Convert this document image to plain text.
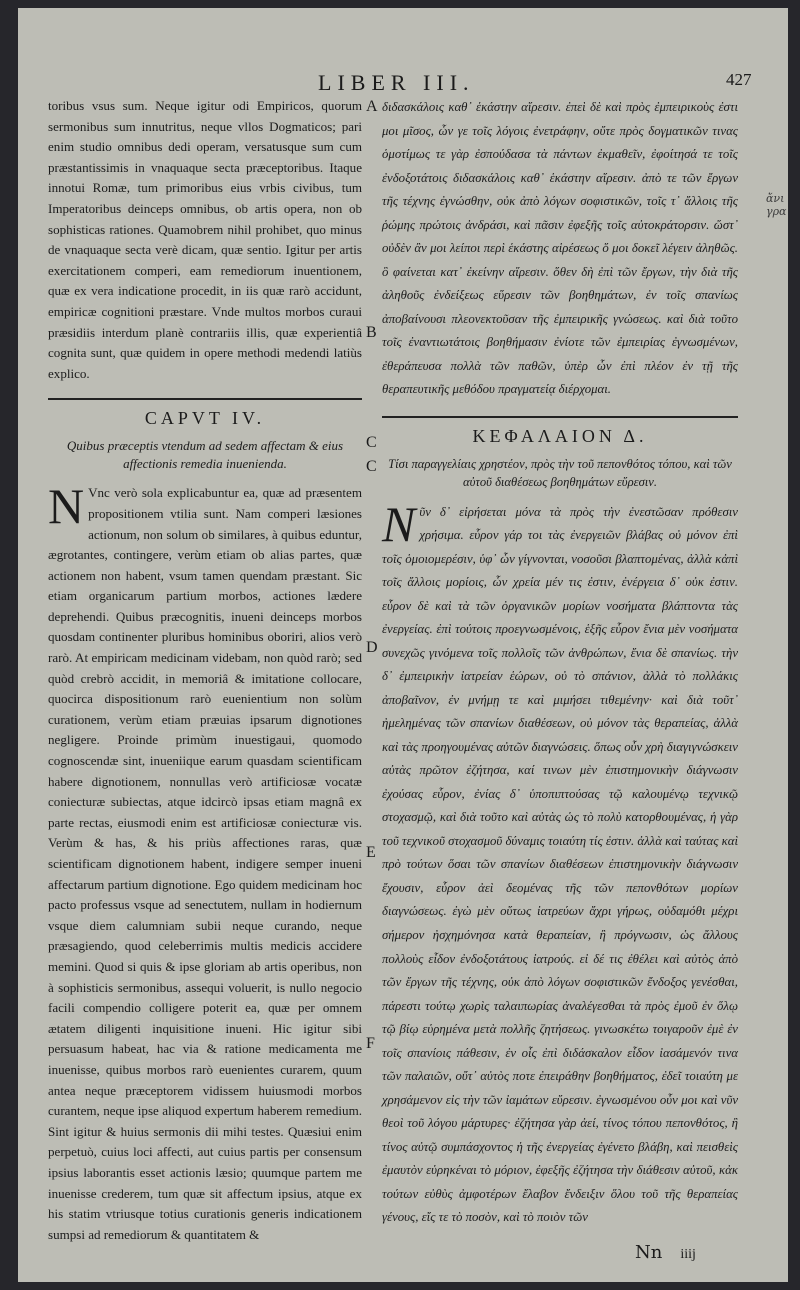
LIBER III.	427
ἄνι γρα

toribus vsus sum. Neque igitur odi Empiricos, quorum sermonibus sum innutritus, neque vllos Dogmaticos; pari enim studio omnibus dedi operam, versatusque sum cum præstantissimis in vnaquaque secta præceptoribus. Itaque innotui Romæ, tum primoribus eius vrbis civibus, tum Imperatoribus deinceps omnibus, ob artis opera, non ob sophisticas rationes. Quamobrem nihil prohibet, quo minus de vnaquaque secta verè dicam, quæ sentio. Igitur per artis exercitationem comperi, eam remediorum inuentionem, quæ ex vera indicatione procedit, in iis quæ rarò accidunt, empiricæ cognitioni præstare. Vnde multos morbos curaui præsidiis interdum planè contrariis illis, quæ experientiâ cognita sunt, quæ quidem in opere methodi medendi latiùs explico.

CAPVT IV.
Quibus præceptis vtendum ad sedem affectam & eius affectionis remedia inuenienda.

N Vnc verò sola explicabuntur ea, quæ ad præsentem propositionem vtilia sunt. Nam comperi læsiones actionum, non solum ob similares, à quibus eduntur, ægrotantes, contingere, verùm etiam ob alias partes, quæ actionem non habent, vsum tamen quendam præstant. Sic etiam organicarum partium morbos, actiones lædere deprehendi. Quibus præcognitis, inueni deinceps morbos quosdam continenter pluribus hominibus oboriri, alios verò rarò. At empiricam medicinam videbam, non quòd rarò; sed quòd crebrò accidit, in memoriâ & imitatione collocare, quocirca dispositionum rarò euenientium non solùm curationem, verùm etiam præuias ipsarum dignotiones negligere. Proinde primùm inuestigaui, quomodo cognoscendæ sint, inueniique earum quasdam scientificam habere dignotionem, nonnullas verò artificiosæ vocatæ coniecturæ subiectas, atque idcircò ipsas etiam magnâ ex parte rectas, eiusmodi enim est artificiosæ coniecturæ vis. Verùm & has, & his priùs affectiones raras, quæ scientificam dignotionem habent, indigere semper inueni affectarum partium dignotione. Ego quidem medicinam hoc pacto professus vsque ad senectutem, nullam in hodiernum vsque diem calumniam subii neque curando, neque præsagiendo, quod celeberrimis multis medicis accidere memini. Quod si quis & ipse gloriam ab artis operibus, non à sophisticis sermonibus, assequi voluerit, is nullo negocio facili compendio colligere poterit ea, quæ per omnem ætatem diligenti inquisitione inueni. Hic igitur sibi persuasum habeat, hac via & ratione medicamenta me inuenisse, quibus morbos rarò euenientes curarem, quum antea neque præceptorem vidissem huiusmodi morbos curantem, neque ipse aliquod expertum haberem remedium. Sint igitur & huius sermonis dii mihi testes. Quæsiui enim perpetuò, cuius loci affecti, aut cuius partis per consensum ipsius laborantis esset actionis læsio; quumque partem me inuenisse crederem, tum quæ sit affectum ipsius, atque ex his statim vtriusque totius curationis generis indicationem sumpsi ad remediorum & quantitatem &

διδασκάλοις καθ᾽ ἑκάστην αἵρεσιν. ἐπεὶ δὲ καὶ πρὸς ἐμπειρικοὺς ἐστι μοι μῖσος, ὧν γε τοῖς λόγοις ἐνετράφην, οὔτε πρὸς δογματικῶν τινας ὁμοτίμως τε γὰρ ἐσπούδασα τὰ πάντων ἐκμαθεῖν, ἐφοίτησά τε τοῖς ἐνδοξοτάτοις διδασκάλοις καθ᾽ ἑκάστην αἵρεσιν. ἀπὸ τε τῶν ἔργων τῆς τέχνης ἐγνώσθην, οὐκ ἀπὸ λόγων σοφιστικῶν, τοῖς τ᾽ ἄλλοις τῆς ῥώμης πρώτοις ἀνδράσι, καὶ πᾶσιν ἐφεξῆς τοῖς αὐτοκράτορσιν. ὥστ᾽ οὐδὲν ἂν μοι λείποι περὶ ἑκάστης αἱρέσεως ὅ μοι δοκεῖ λέγειν ἀληθῶς. ὃ φαίνεται κατ᾽ ἐκείνην αἵρεσιν. ὅθεν δὴ ἐπὶ τῶν ἔργων, τὴν διὰ τῆς ἀληθοῦς ἐνδείξεως εὕρεσιν τῶν βοηθημάτων, ἐν τοῖς σπανίως ἀποβαίνουσι πλεονεκτοῦσαν τῆς ἐμπειρικῆς γνώσεως. καὶ διὰ τοῦτο τοῖς ἐναντιωτάτοις βοηθήμασιν ἐνίοτε τῶν ἐμπειρίας ἐγνωσμένων, ἐθεράπευσα πολλὰ τῶν παθῶν, ὑπὲρ ὧν ἐπὶ πλέον ἐν τῇ τῆς θεραπευτικῆς μεθόδου πραγματείᾳ διέρχομαι.

ΚΕΦΑΛΑΙΟΝ Δ.
Τίσι παραγγελίαις χρηστέον, πρὸς τὴν τοῦ πεπονθότος τόπου, καὶ τῶν αὐτοῦ διαθέσεως βοηθημάτων εὕρεσιν.

Νῦν δ᾽ εἰρήσεται μόνα τὰ πρὸς τὴν ἐνεστῶσαν πρόθεσιν χρήσιμα. εὗρον γάρ τοι τὰς ἐνεργειῶν βλάβας οὐ μόνον ἐπὶ τοῖς ὁμοιομερέσιν, ὑφ᾽ ὧν γίγνονται, νοσοῦσι βλαπτομένας, ἀλλὰ κἀπὶ τοῖς ἄλλοις μορίοις, ὧν χρεία μέν τις ἐστιν, ἐνέργεια δ᾽ οὐκ ἐστιν. εὗρον δὲ καὶ τὰ τῶν ὀργανικῶν μορίων νοσήματα βλάπτοντα τὰς ἐνεργείας. ἐπὶ τούτοις προεγνωσμένοις, ἑξῆς εὗρον ἔνια μὲν νοσήματα συνεχῶς γινόμενα τοῖς πολλοῖς τῶν ἀνθρώπων, ἔνια δὲ σπανίως. τὴν δ᾽ ἐμπειρικὴν ἰατρείαν ἑώρων, οὐ τὸ σπάνιον, ἀλλὰ τὸ πολλάκις ἀποβαῖνον, ἐν μνήμῃ τε καὶ μιμήσει τιθεμένην· καὶ διὰ τοῦτ᾽ ἠμελημένας τῶν σπανίων διαθέσεων, οὐ μόνον τὰς θεραπείας, ἀλλὰ καὶ τὰς προηγουμένας αὐτῶν διαγνώσεις. ὅπως οὖν χρὴ διαγιγνώσκειν αὐτὰς πρῶτον ἐζήτησα, καί τινων μὲν ἐπιστημονικὴν διάγνωσιν ἐχούσας εὗρον, ἐνίας δ᾽ ὑποπιπτούσας τῷ καλουμένῳ τεχνικῷ στοχασμῷ, καὶ διὰ τοῦτο καὶ αὐτὰς ὡς τὸ πολὺ κατορθουμένας, ἡ γὰρ τοῦ τεχνικοῦ στοχασμοῦ δύναμις τοιαύτη τίς ἐστιν. ἀλλὰ καὶ ταύτας καὶ πρὸ τούτων ὅσαι τῶν σπανίων διαθέσεων ἐπιστημονικὴν διάγνωσιν ἔχουσιν, εὗρον ἀεὶ δεομένας τῆς τῶν πεπονθότων μορίων διαγνώσεως. ἐγὼ μὲν οὕτως ἰατρεύων ἄχρι γήρως, οὐδαμόθι μέχρι σήμερον ἠσχημόνησα κατὰ θεραπείαν, ἢ πρόγνωσιν, ὡς ἄλλους πολλοὺς εἶδον ἐνδοξοτάτους ἰατρούς. εἰ δέ τις ἐθέλει καὶ αὐτὸς ἀπὸ τῶν ἔργων τῆς τέχνης, οὐκ ἀπὸ λόγων σοφιστικῶν ἔνδοξος γενέσθαι, πάρεστι τούτῳ χωρὶς ταλαιπωρίας ἀναλέγεσθαι τὰ πρὸς ἐμοῦ ἐν ὅλῳ τῷ βίῳ εὑρημένα μετὰ πολλῆς ζητήσεως. γινωσκέτω τοιγαροῦν ἐμὲ ἐν τοῖς σπανίοις πάθεσιν, ἐν οἷς ἐπὶ διδάσκαλον εἶδον ἰασάμενόν τινα τῶν παλαιῶν, οὔτ᾽ αὐτὸς ποτε ἐπειράθην βοηθήματος, ἐδεῖ τοιαύτη με χρησάμενον εἰς τὴν τῶν ἰαμάτων εὕρεσιν. ἐγνωσμένου οὖν μοι καὶ νῦν θεοὶ τοῦ λόγου μάρτυρες· ἐζήτησα γὰρ ἀεί, τίνος τόπου πεπονθότος, ἢ τίνος αὐτῷ συμπάσχοντος ἡ τῆς ἐνεργείας ἐγένετο βλάβη, καὶ πεισθεὶς ἐμαυτὸν εὑρηκέναι τὸ μόριον, ἐφεξῆς ἐζήτησα τὴν διάθεσιν αὐτοῦ, κἀκ τούτων εὐθὺς ἀμφοτέρων ἔλαβον ἔνδειξιν ὅλου τοῦ τῆς θεραπείας γένους, εἴς τε τὸ ποσὸν, καὶ τὸ ποιὸν τῶν

A
B
C
C
D
E
F
Nn iiij
